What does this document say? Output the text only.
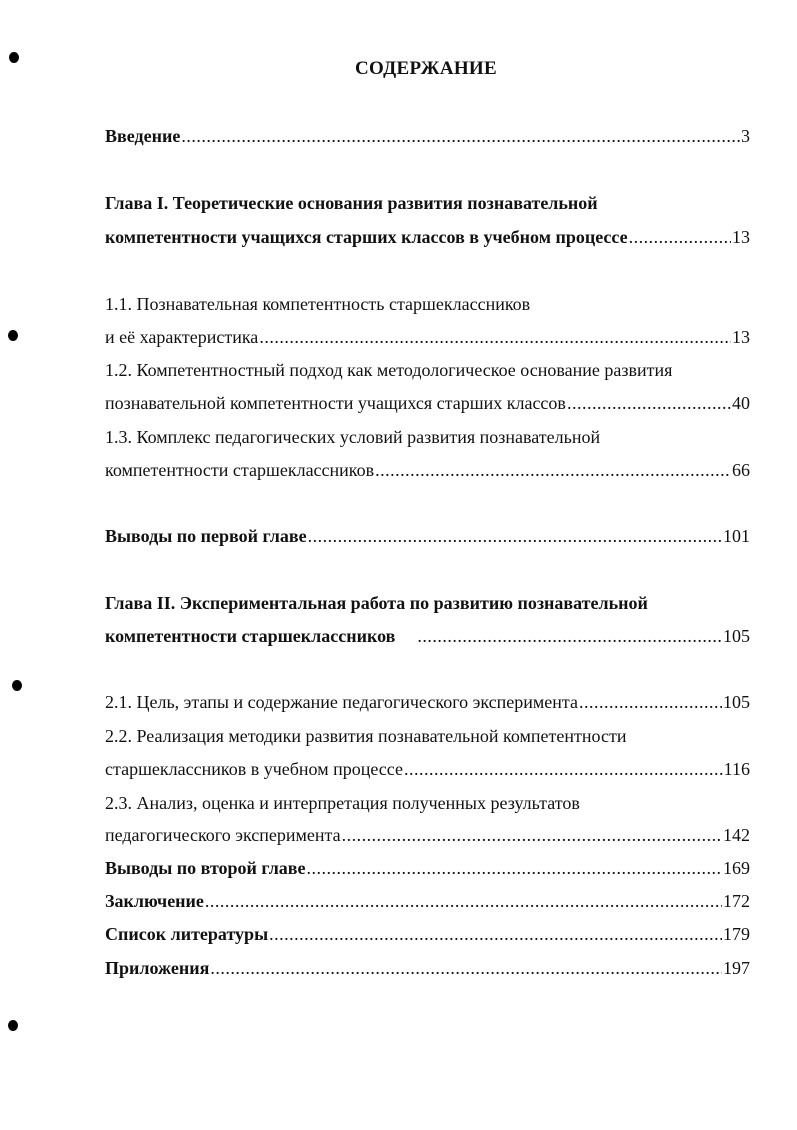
СОДЕРЖАНИЕ
Введение .....	3
Глава I. Теоретические основания развития познавательной
компетентности учащихся старших классов в учебном процессе .....	13
1.1. Познавательная компетентность старшеклассников
и её характеристика .....	13
1.2. Компетентностный подход как методологическое основание развития
познавательной компетентности учащихся старших классов .....	40
1.3. Комплекс педагогических условий развития познавательной
компетентности старшеклассников .....	66
Выводы по первой главе .....	101
Глава II. Экспериментальная работа по развитию познавательной
компетентности старшеклассников .....	105
2.1. Цель, этапы и содержание педагогического эксперимента .....	105
2.2. Реализация методики развития познавательной компетентности
старшеклассников в учебном процессе .....	116
2.3. Анализ, оценка и интерпретация полученных результатов
педагогического эксперимента .....	142
Выводы по второй главе .....	169
Заключение .....	172
Список литературы .....	179
Приложения .....	197
